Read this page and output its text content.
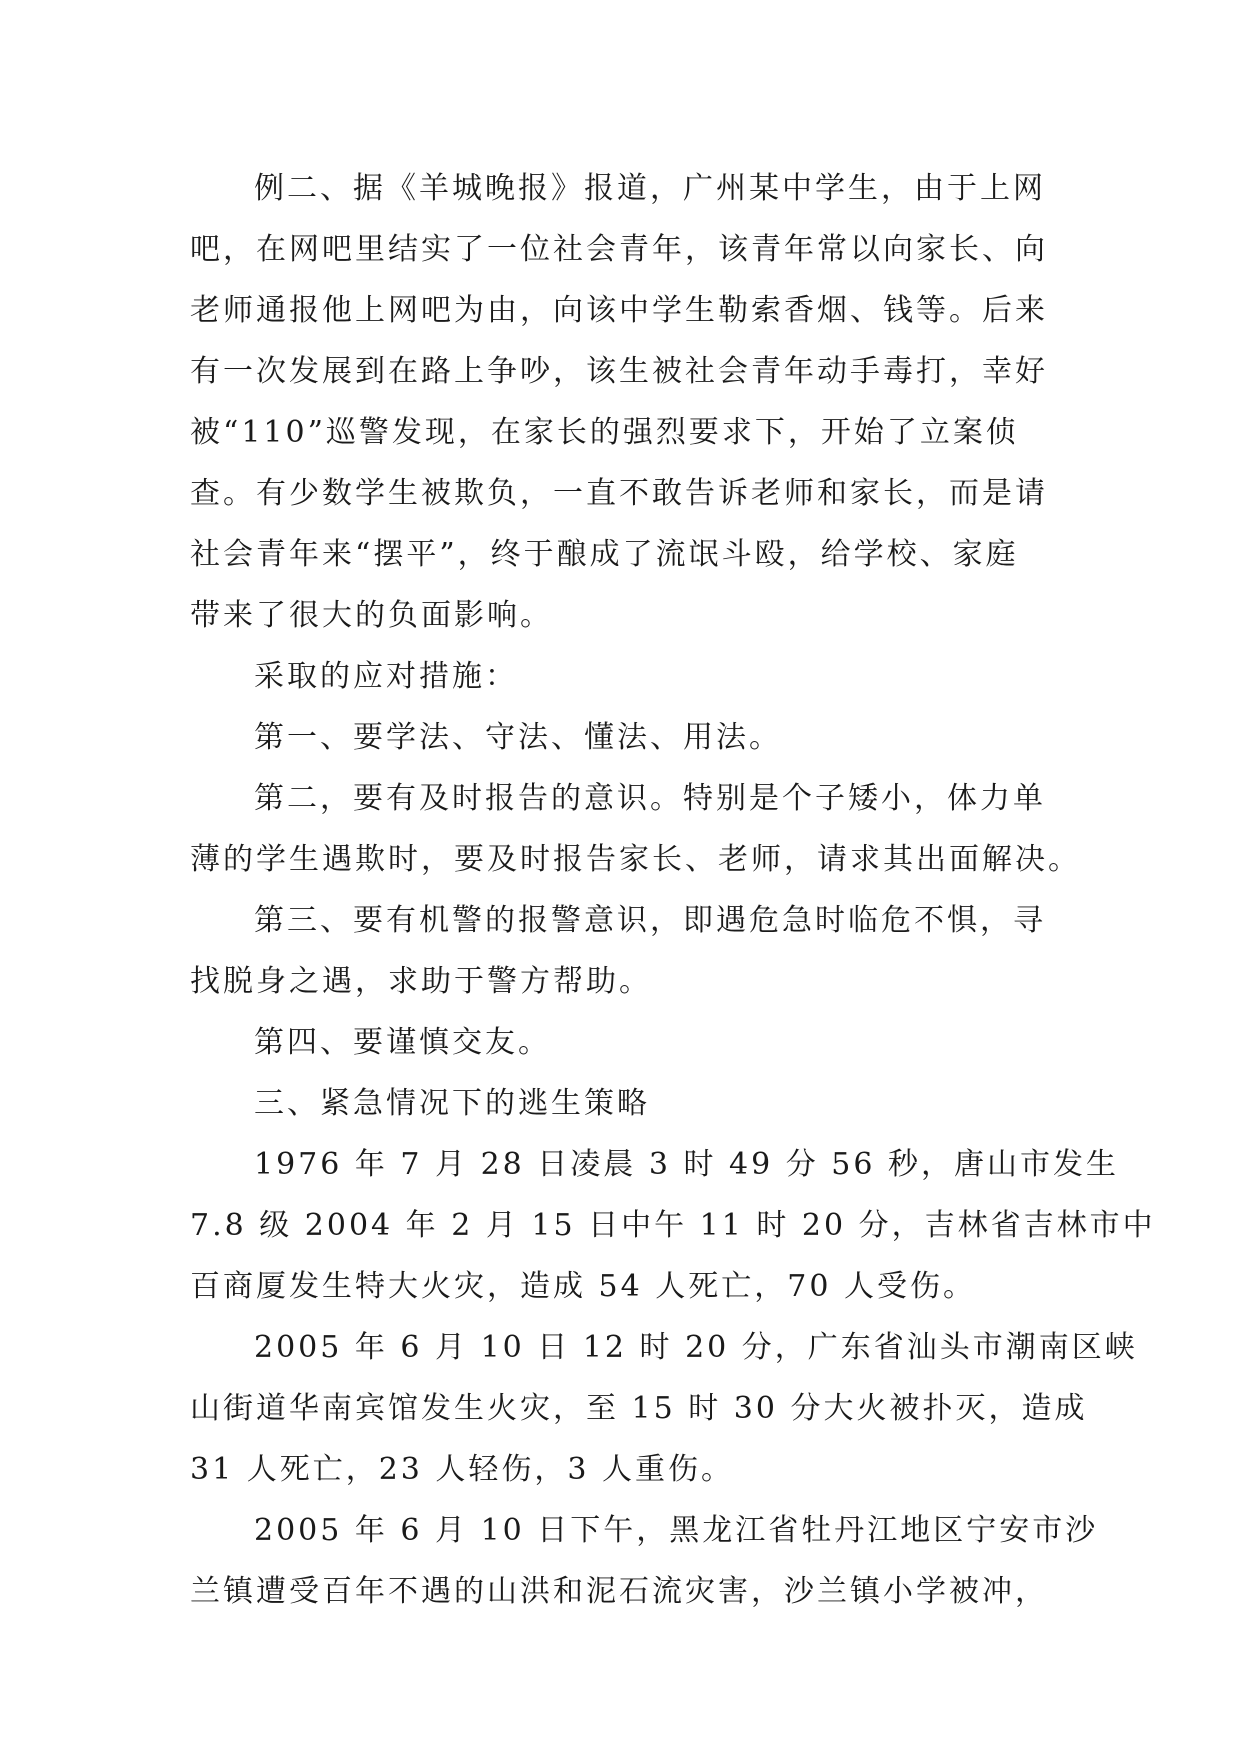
例二、据《羊城晚报》报道，广州某中学生，由于上网
吧，在网吧里结实了一位社会青年，该青年常以向家长、向
老师通报他上网吧为由，向该中学生勒索香烟、钱等。后来
有一次发展到在路上争吵，该生被社会青年动手毒打，幸好
被“110”巡警发现，在家长的强烈要求下，开始了立案侦
查。有少数学生被欺负，一直不敢告诉老师和家长，而是请
社会青年来“摆平”，终于酿成了流氓斗殴，给学校、家庭
带来了很大的负面影响。
采取的应对措施：
第一、要学法、守法、懂法、用法。
第二，要有及时报告的意识。特别是个子矮小，体力单
薄的学生遇欺时，要及时报告家长、老师，请求其出面解决。
第三、要有机警的报警意识，即遇危急时临危不惧，寻
找脱身之遇，求助于警方帮助。
第四、要谨慎交友。
三、紧急情况下的逃生策略
1976 年 7 月 28 日凌晨 3 时 49 分 56 秒，唐山市发生
7.8 级 2004 年 2 月 15 日中午 11 时 20 分，吉林省吉林市中
百商厦发生特大火灾，造成 54 人死亡，70 人受伤。
2005 年 6 月 10 日 12 时 20 分，广东省汕头市潮南区峡
山街道华南宾馆发生火灾，至 15 时 30 分大火被扑灭，造成
31 人死亡，23 人轻伤，3 人重伤。
2005 年 6 月 10 日下午，黑龙江省牡丹江地区宁安市沙
兰镇遭受百年不遇的山洪和泥石流灾害，沙兰镇小学被冲，
